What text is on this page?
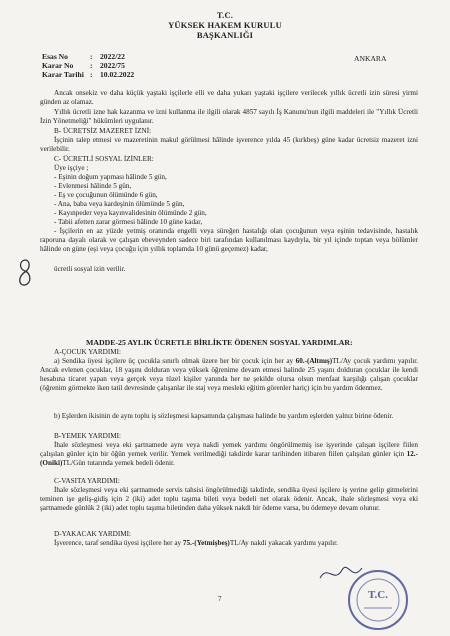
T.C.
YÜKSEK HAKEM KURULU
BAŞKANLIĞI
Esas No	: 2022/22
Karar No	: 2022/75
Karar Tarihi : 10.02.2022
ANKARA
Ancak onsekiz ve daha küçük yaştaki işçilerle elli ve daha yukarı yaştaki işçilere verilecek yıllık ücretli izin süresi yirmi günden az olamaz.
Yıllık ücretli izne hak kazanma ve izni kullanma ile ilgili olarak 4857 sayılı İş Kanunu'nun ilgili maddeleri ile "Yıllık Ücretli İzin Yönetmeliği" hükümleri uygulanır.
B- ÜCRETSİZ MAZERET İZNİ:
İşçinin talep etmesi ve mazeretinin makul görülmesi hâlinde işverence yılda 45 (kırkbeş) güne kadar ücretsiz mazeret izni verilebilir.
C- ÜCRETLİ SOSYAL İZİNLER:
Üye işçiye ;
- Eşinin doğum yapması hâlinde 5 gün,
- Evlenmesi hâlinde 5 gün,
- Eş ve çocuğunun ölümünde 6 gün,
- Ana, baba veya kardeşinin ölümünde 5 gün,
- Kayınpeder veya kayınvalidesinin ölümünde 2 gün,
- Tabii afetten zarar görmesi hâlinde 10 güne kadar,
- İşçilerin en az yüzde yetmiş oranında engelli veya süreğen hastalığı olan çocuğunun veya eşinin tedavisinde, hastalık raporuna dayalı olarak ve çalışan ebeveynden sadece biri tarafından kullanılması kaydıyla, bir yıl içinde toptan veya bölümler hâlinde on güne (eşi veya çocuğu için yıllık toplamda 10 günü geçemez) kadar,
ücretli sosyal izin verilir.
MADDE-25 AYLIK ÜCRETLE BİRLİKTE ÖDENEN SOSYAL YARDIMLAR:
A-ÇOCUK YARDIMI:
a) Sendika üyesi işçilere üç çocukla sınırlı olmak üzere her bir çocuk için her ay 60.-(Altmış)TL/Ay çocuk yardımı yapılır. Ancak evlenen çocuklar, 18 yaşını dolduran veya yüksek öğrenime devam etmesi halinde 25 yaşını dolduran çocuklar ile kendi hesabına ticaret yapan veya gerçek veya tüzel kişiler yanında her ne şekilde olursa olsun menfaat karşılığı çalışan çocuklar (öğrenim görmekte iken tatil devresinde çalışanlar ile staj veya mesleki eğitim görenler hariç) için bu yardım ödenmez.
b) Eşlerden ikisinin de aynı toplu iş sözleşmesi kapsamında çalışması halinde bu yardım eşlerden yalnız birine ödenir.
B-YEMEK YARDIMI:
İhale sözleşmesi veya eki şartnamede aynı veya nakdi yemek yardımı öngörülmemiş ise işyerinde çalışan işçilere fiilen çalışılan günler için bir öğün yemek verilir. Yemek verilmediği takdirde karar tarihinden itibaren fiilen çalışılan günler için 12.-(Oniki)TL/Gün tutarında yemek bedeli ödenir.
C-VASITA YARDIMI:
İhale sözleşmesi veya eki şartnamede servis tahsisi öngörülmediği takdirde, sendika üyesi işçilere iş yerine gelip gitmelerini teminen işe geliş-gidiş için 2 (iki) adet toplu taşıma bileti veya bedeli net olarak ödenir. Ancak, ihale sözleşmesi veya eki şartnamede günlük 2 (iki) adet toplu taşıma biletinden daha yüksek nakdi bir ödeme varsa, bu ödemeye devam olunur.
D-YAKACAK YARDIMI:
İşverence, taraf sendika üyesi işçilere her ay 75.-(Yetmişbeş)TL/Ay nakdi yakacak yardımı yapılır.
T.C.
7
